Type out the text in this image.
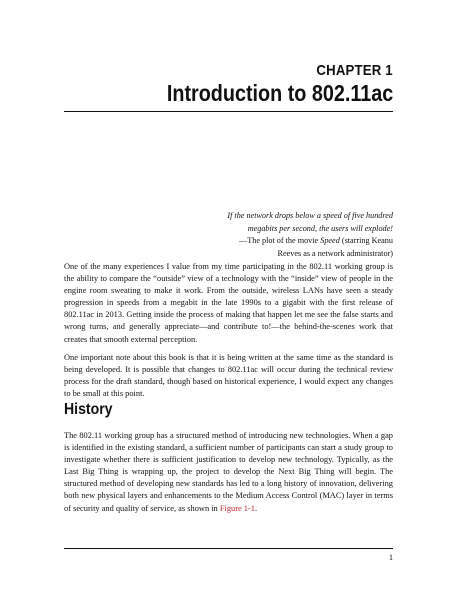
CHAPTER 1
Introduction to 802.11ac
If the network drops below a speed of five hundred
megabits per second, the users will explode!
—The plot of the movie Speed (starring Keanu
Reeves as a network administrator)

One of the many experiences I value from my time participating in the 802.11 working group is the ability to compare the “outside” view of a technology with the “inside” view of people in the engine room sweating to make it work. From the outside, wireless LANs have seen a steady progression in speeds from a megabit in the late 1990s to a gigabit with the first release of 802.11ac in 2013. Getting inside the process of making that happen let me see the false starts and wrong turns, and generally appreciate—and contribute to!—the behind-the-scenes work that creates that smooth external perception.

One important note about this book is that it is being written at the same time as the standard is being developed. It is possible that changes to 802.11ac will occur during the technical review process for the draft standard, though based on historical experience, I would expect any changes to be small at this point.

History

The 802.11 working group has a structured method of introducing new technologies. When a gap is identified in the existing standard, a sufficient number of participants can start a study group to investigate whether there is sufficient justification to develop new technology. Typically, as the Last Big Thing is wrapping up, the project to develop the Next Big Thing will begin. The structured method of developing new standards has led to a long history of innovation, delivering both new physical layers and enhancements to the Medium Access Control (MAC) layer in terms of security and quality of service, as shown in Figure 1-1.

1
